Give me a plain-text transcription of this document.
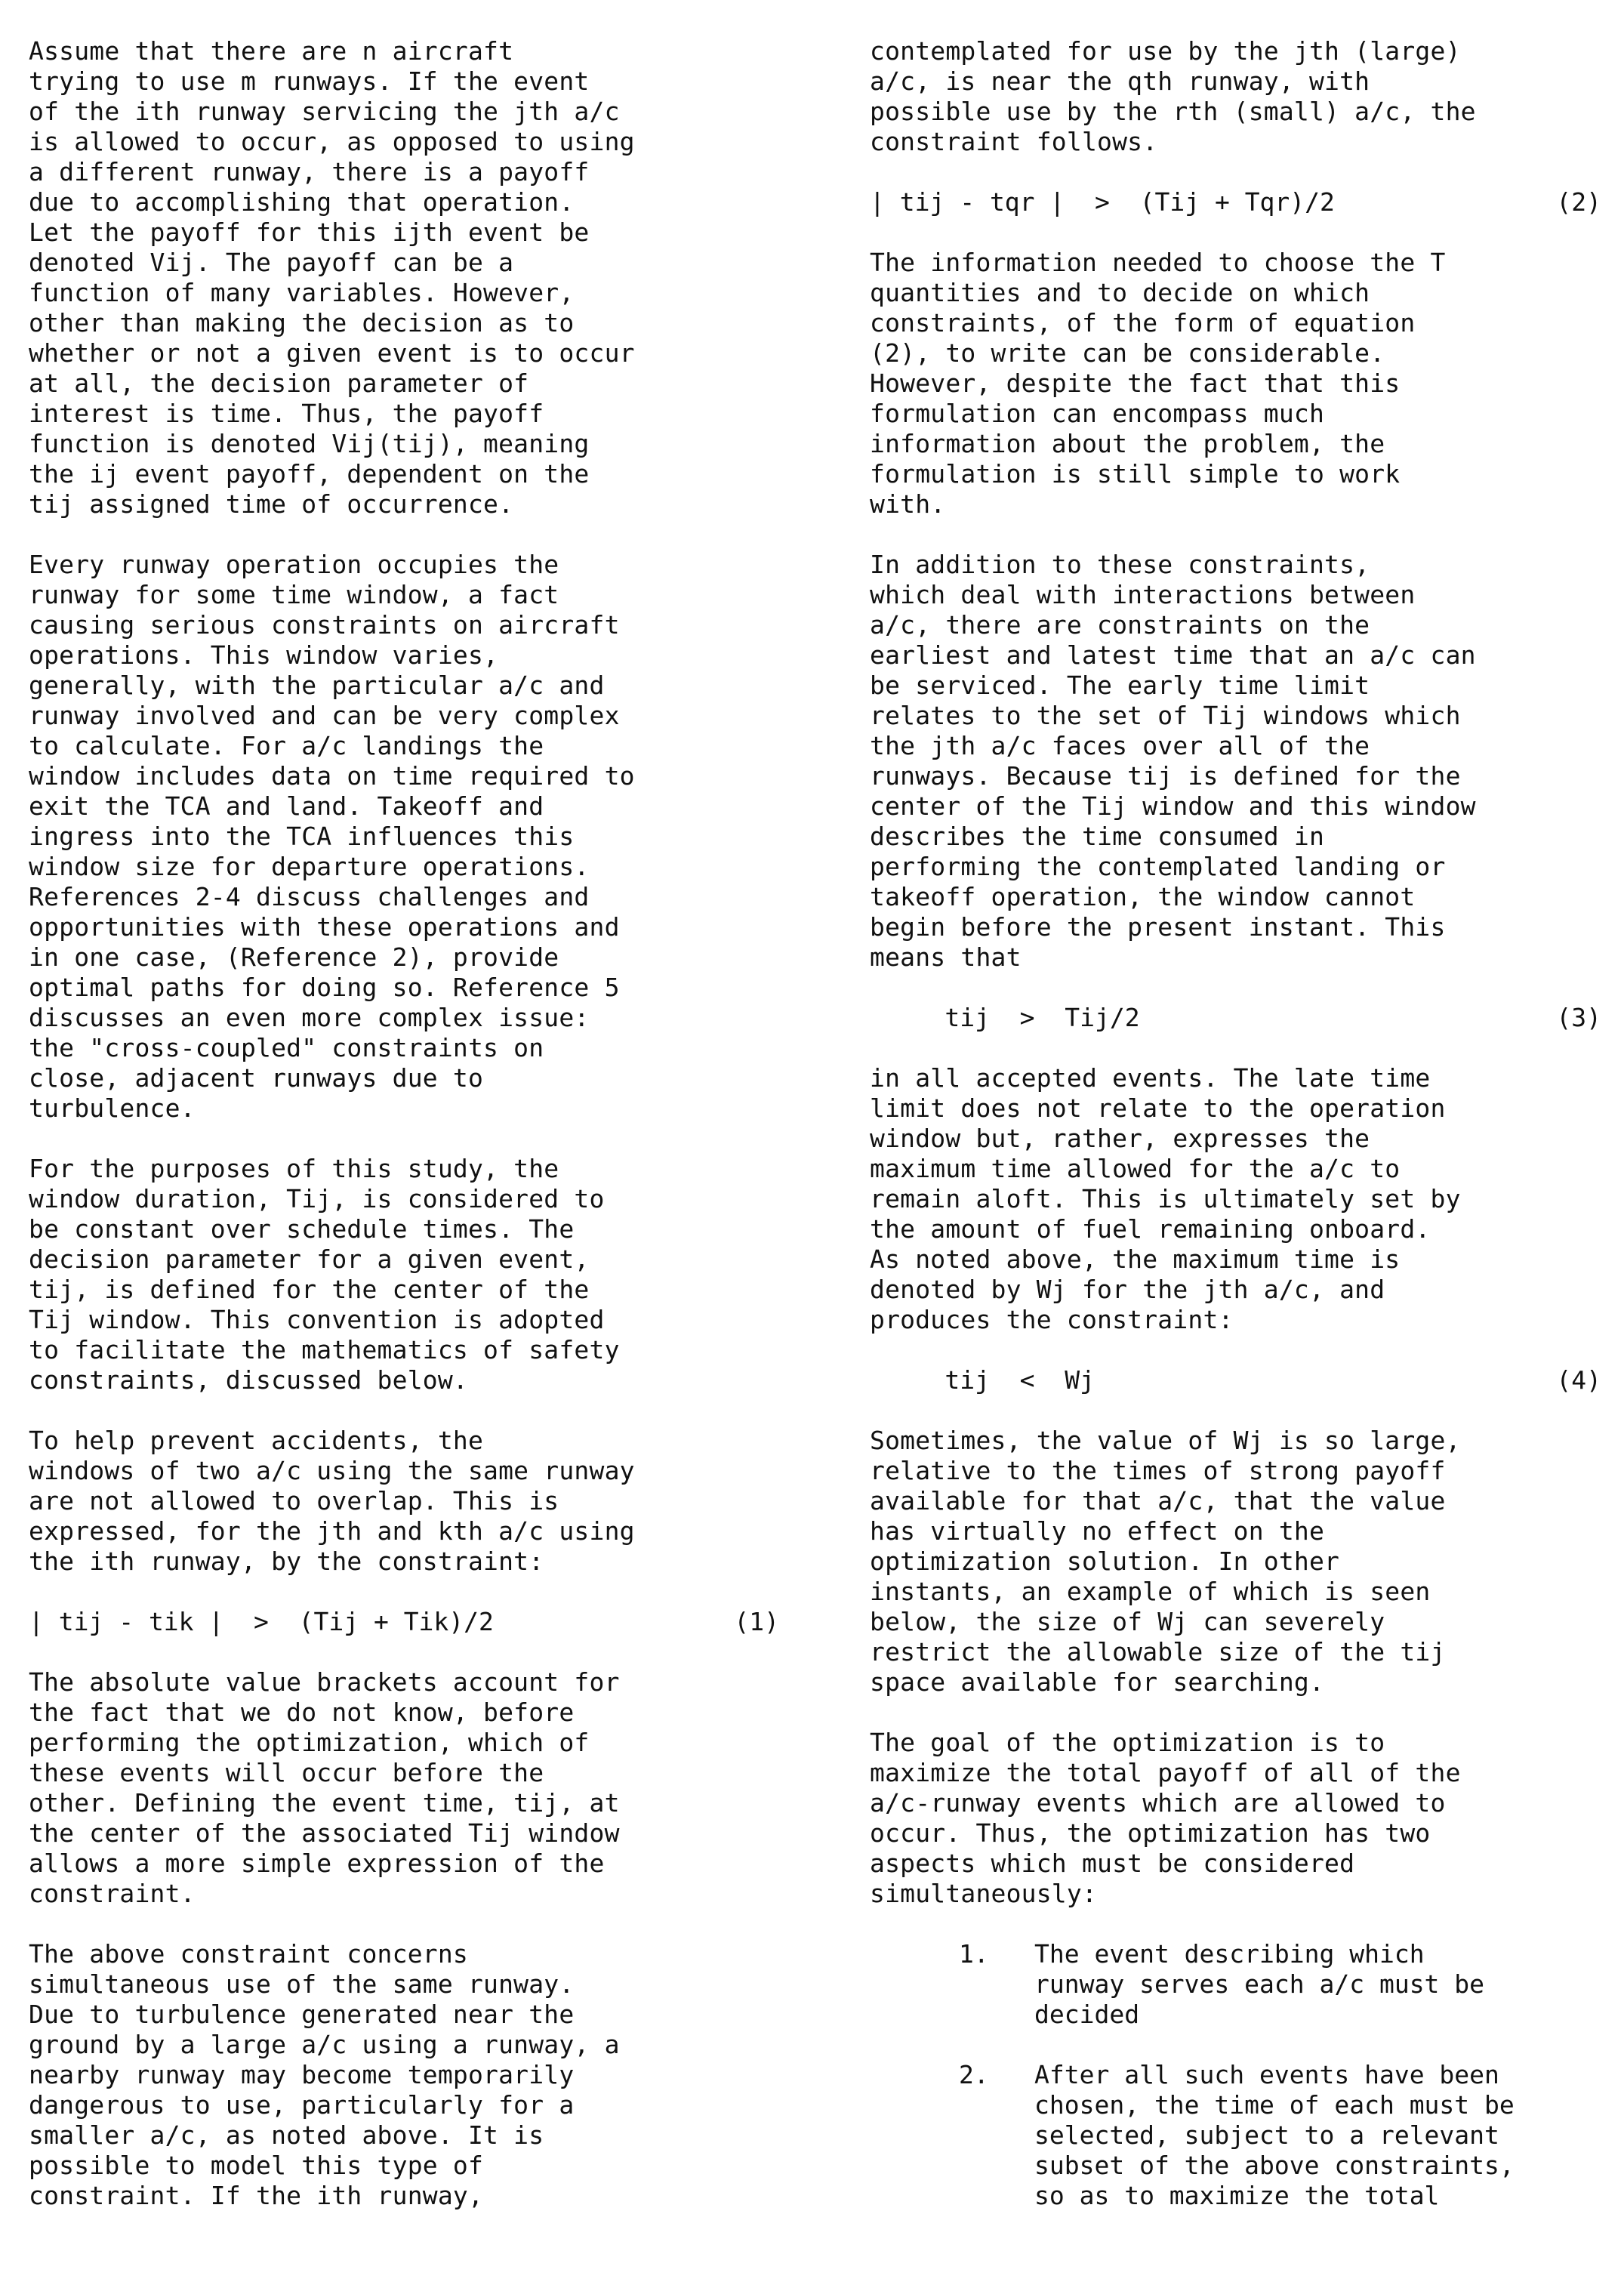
Assume that there are n aircraft
trying to use m runways. If the event
of the ith runway servicing the jth a/c
is allowed to occur, as opposed to using
a different runway, there is a payoff
due to accomplishing that operation.
Let the payoff for this ijth event be
denoted Vij. The payoff can be a
function of many variables. However,
other than making the decision as to
whether or not a given event is to occur
at all, the decision parameter of
interest is time. Thus, the payoff
function is denoted Vij(tij), meaning
the ij event payoff, dependent on the
tij assigned time of occurrence.

Every runway operation occupies the
runway for some time window, a fact
causing serious constraints on aircraft
operations. This window varies,
generally, with the particular a/c and
runway involved and can be very complex
to calculate. For a/c landings the
window includes data on time required to
exit the TCA and land. Takeoff and
ingress into the TCA influences this
window size for departure operations.
References 2-4 discuss challenges and
opportunities with these operations and
in one case, (Reference 2), provide
optimal paths for doing so. Reference 5
discusses an even more complex issue:
the "cross-coupled" constraints on
close, adjacent runways due to
turbulence.

For the purposes of this study, the
window duration, Tij, is considered to
be constant over schedule times. The
decision parameter for a given event,
tij, is defined for the center of the
Tij window. This convention is adopted
to facilitate the mathematics of safety
constraints, discussed below.

To help prevent accidents, the
windows of two a/c using the same runway
are not allowed to overlap. This is
expressed, for the jth and kth a/c using
the ith runway, by the constraint:

| tij - tik |  >  (Tij + Tik)/2	(1)

The absolute value brackets account for
the fact that we do not know, before
performing the optimization, which of
these events will occur before the
other. Defining the event time, tij, at
the center of the associated Tij window
allows a more simple expression of the
constraint.

The above constraint concerns
simultaneous use of the same runway.
Due to turbulence generated near the
ground by a large a/c using a runway, a
nearby runway may become temporarily
dangerous to use, particularly for a
smaller a/c, as noted above. It is
possible to model this type of
constraint. If the ith runway,

contemplated for use by the jth (large)
a/c, is near the qth runway, with
possible use by the rth (small) a/c, the
constraint follows.

| tij - tqr |  >  (Tij + Tqr)/2	(2)

The information needed to choose the T
quantities and to decide on which
constraints, of the form of equation
(2), to write can be considerable.
However, despite the fact that this
formulation can encompass much
information about the problem, the
formulation is still simple to work
with.

In addition to these constraints,
which deal with interactions between
a/c, there are constraints on the
earliest and latest time that an a/c can
be serviced. The early time limit
relates to the set of Tij windows which
the jth a/c faces over all of the
runways. Because tij is defined for the
center of the Tij window and this window
describes the time consumed in
performing the contemplated landing or
takeoff operation, the window cannot
begin before the present instant. This
means that

tij  >  Tij/2	(3)

in all accepted events. The late time
limit does not relate to the operation
window but, rather, expresses the
maximum time allowed for the a/c to
remain aloft. This is ultimately set by
the amount of fuel remaining onboard.
As noted above, the maximum time is
denoted by Wj for the jth a/c, and
produces the constraint:

tij  <  Wj	(4)

Sometimes, the value of Wj is so large,
relative to the times of strong payoff
available for that a/c, that the value
has virtually no effect on the
optimization solution. In other
instants, an example of which is seen
below, the size of Wj can severely
restrict the allowable size of the tij
space available for searching.

The goal of the optimization is to
maximize the total payoff of all of the
a/c-runway events which are allowed to
occur. Thus, the optimization has two
aspects which must be considered
simultaneously:

1.	The event describing which
runway serves each a/c must be
decided
2.	After all such events have been
chosen, the time of each must be
selected, subject to a relevant
subset of the above constraints,
so as to maximize the total
